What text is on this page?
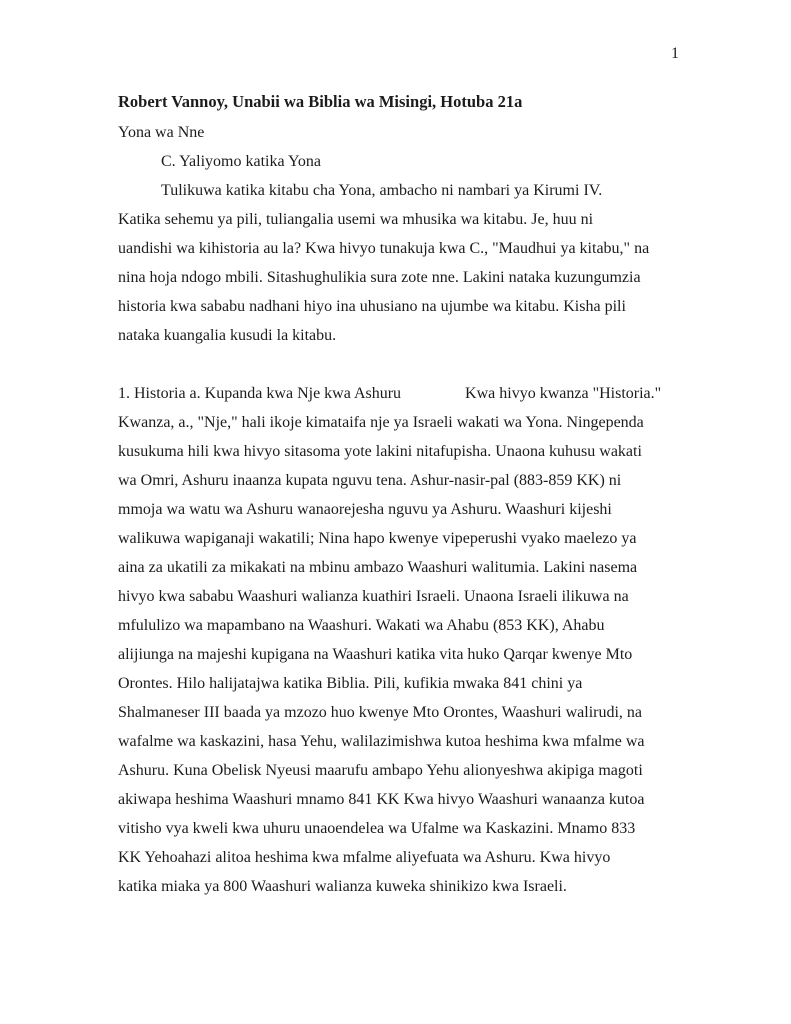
1
Robert Vannoy, Unabii wa Biblia wa Misingi, Hotuba 21a
Yona wa Nne
C. Yaliyomo katika Yona
Tulikuwa katika kitabu cha Yona, ambacho ni nambari ya Kirumi IV.
Katika sehemu ya pili, tuliangalia usemi wa mhusika wa kitabu. Je, huu ni
uandishi wa kihistoria au la? Kwa hivyo tunakuja kwa C., "Maudhui ya kitabu," na
nina hoja ndogo mbili. Sitashughulikia sura zote nne. Lakini nataka kuzungumzia
historia kwa sababu nadhani hiyo ina uhusiano na ujumbe wa kitabu. Kisha pili
nataka kuangalia kusudi la kitabu.
1. Historia a. Kupanda kwa Nje kwa Ashuru    Kwa hivyo kwanza "Historia."
Kwanza, a., "Nje," hali ikoje kimataifa nje ya Israeli wakati wa Yona. Ningependa
kusukuma hili kwa hivyo sitasoma yote lakini nitafupisha. Unaona kuhusu wakati
wa Omri, Ashuru inaanza kupata nguvu tena. Ashur-nasir-pal (883-859 KK) ni
mmoja wa watu wa Ashuru wanaorejesha nguvu ya Ashuru. Waashuri kijeshi
walikuwa wapiganaji wakatili; Nina hapo kwenye vipeperushi vyako maelezo ya
aina za ukatili za mikakati na mbinu ambazo Waashuri walitumia. Lakini nasema
hivyo kwa sababu Waashuri walianza kuathiri Israeli. Unaona Israeli ilikuwa na
mfululizo wa mapambano na Waashuri. Wakati wa Ahabu (853 KK), Ahabu
alijiunga na majeshi kupigana na Waashuri katika vita huko Qarqar kwenye Mto
Orontes. Hilo halijatajwa katika Biblia. Pili, kufikia mwaka 841 chini ya
Shalmaneser III baada ya mzozo huo kwenye Mto Orontes, Waashuri walirudi, na
wafalme wa kaskazini, hasa Yehu, walilazimishwa kutoa heshima kwa mfalme wa
Ashuru. Kuna Obelisk Nyeusi maarufu ambapo Yehu alionyeshwa akipiga magoti
akiwapa heshima Waashuri mnamo 841 KK Kwa hivyo Waashuri wanaanza kutoa
vitisho vya kweli kwa uhuru unaoendelea wa Ufalme wa Kaskazini. Mnamo 833
KK Yehoahazi alitoa heshima kwa mfalme aliyefuata wa Ashuru. Kwa hivyo
katika miaka ya 800 Waashuri walianza kuweka shinikizo kwa Israeli.
